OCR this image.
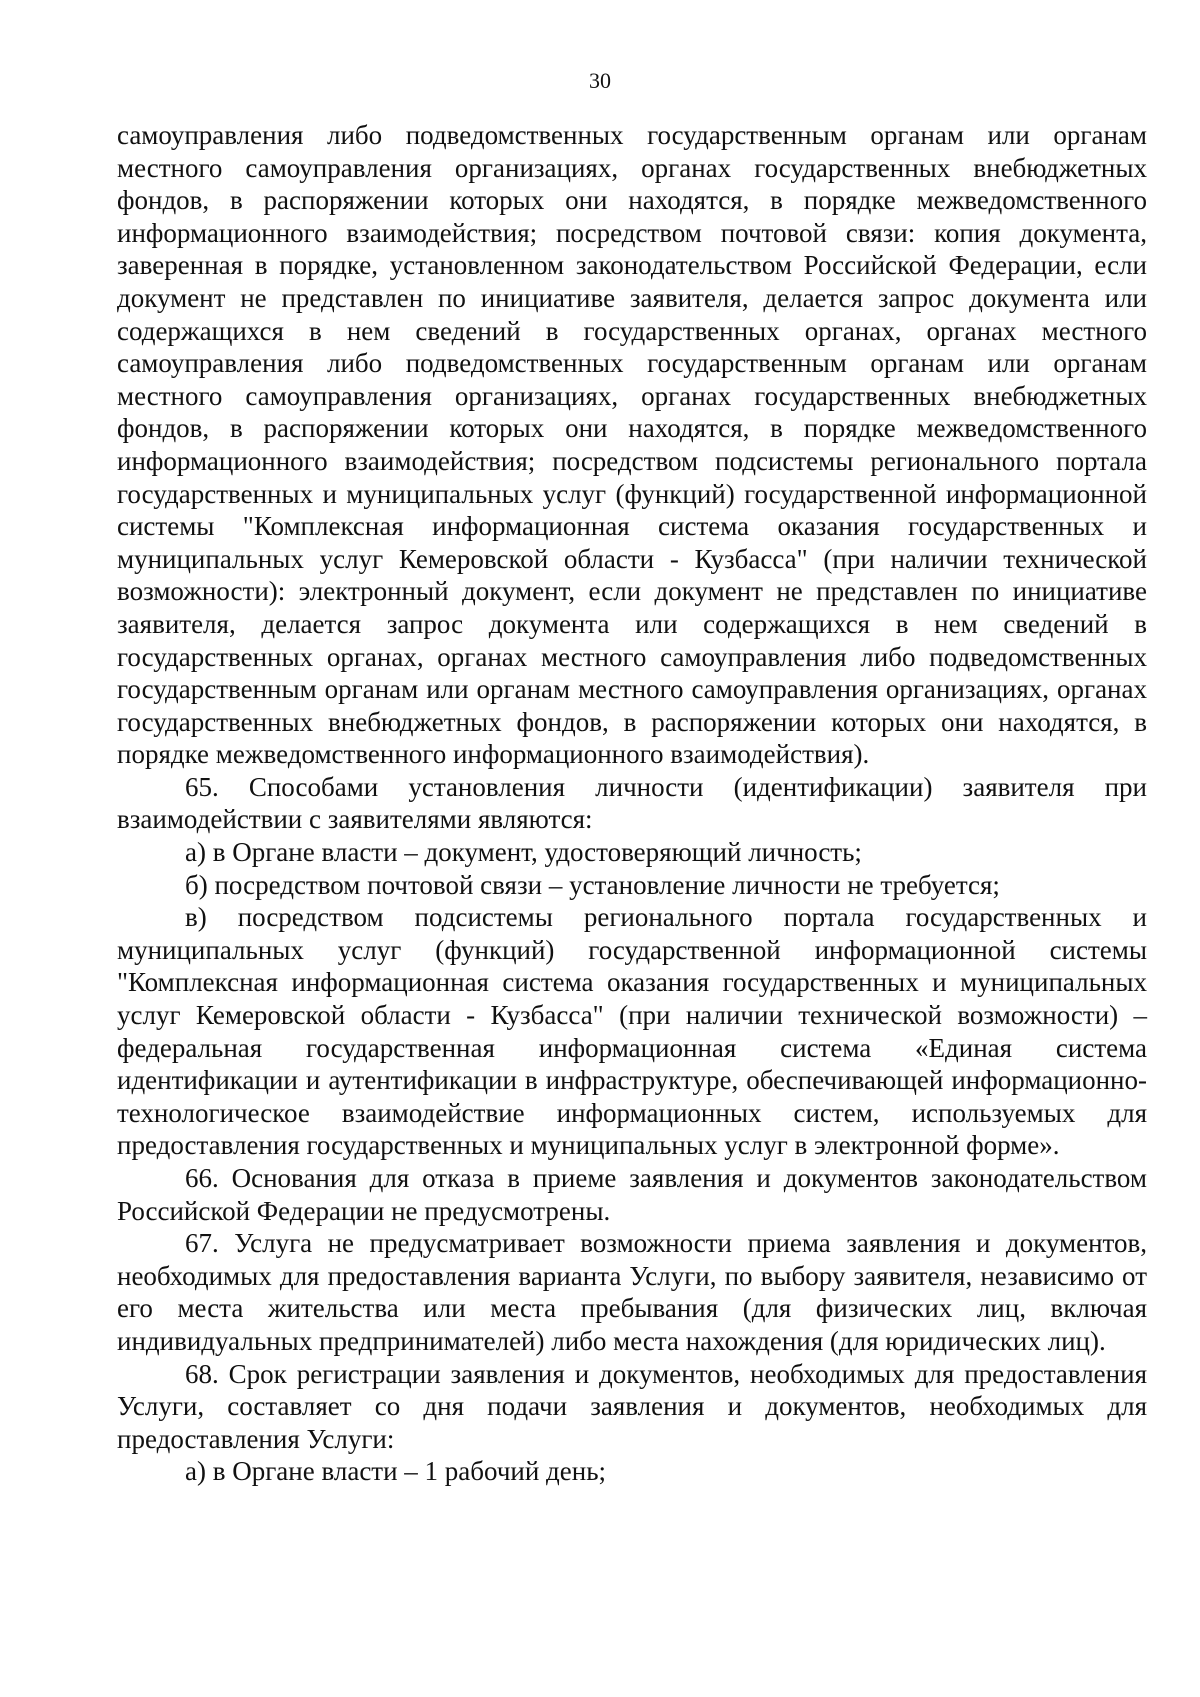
30

самоуправления либо подведомственных государственным органам или органам местного самоуправления организациях, органах государственных внебюджетных фондов, в распоряжении которых они находятся, в порядке межведомственного информационного взаимодействия; посредством почтовой связи: копия документа, заверенная в порядке, установленном законодательством Российской Федерации, если документ не представлен по инициативе заявителя, делается запрос документа или содержащихся в нем сведений в государственных органах, органах местного самоуправления либо подведомственных государственным органам или органам местного самоуправления организациях, органах государственных внебюджетных фондов, в распоряжении которых они находятся, в порядке межведомственного информационного взаимодействия; посредством подсистемы регионального портала государственных и муниципальных услуг (функций) государственной информационной системы "Комплексная информационная система оказания государственных и муниципальных услуг Кемеровской области - Кузбасса" (при наличии технической возможности): электронный документ, если документ не представлен по инициативе заявителя, делается запрос документа или содержащихся в нем сведений в государственных органах, органах местного самоуправления либо подведомственных государственным органам или органам местного самоуправления организациях, органах государственных внебюджетных фондов, в распоряжении которых они находятся, в порядке межведомственного информационного взаимодействия).

65. Способами установления личности (идентификации) заявителя при взаимодействии с заявителями являются:

а) в Органе власти – документ, удостоверяющий личность;

б) посредством почтовой связи – установление личности не требуется;

в) посредством подсистемы регионального портала государственных и муниципальных услуг (функций) государственной информационной системы "Комплексная информационная система оказания государственных и муниципальных услуг Кемеровской области - Кузбасса" (при наличии технической возможности) – федеральная государственная информационная система «Единая система идентификации и аутентификации в инфраструктуре, обеспечивающей информационно-технологическое взаимодействие информационных систем, используемых для предоставления государственных и муниципальных услуг в электронной форме».

66. Основания для отказа в приеме заявления и документов законодательством Российской Федерации не предусмотрены.

67. Услуга не предусматривает возможности приема заявления и документов, необходимых для предоставления варианта Услуги, по выбору заявителя, независимо от его места жительства или места пребывания (для физических лиц, включая индивидуальных предпринимателей) либо места нахождения (для юридических лиц).

68. Срок регистрации заявления и документов, необходимых для предоставления Услуги, составляет со дня подачи заявления и документов, необходимых для предоставления Услуги:

а) в Органе власти – 1 рабочий день;
